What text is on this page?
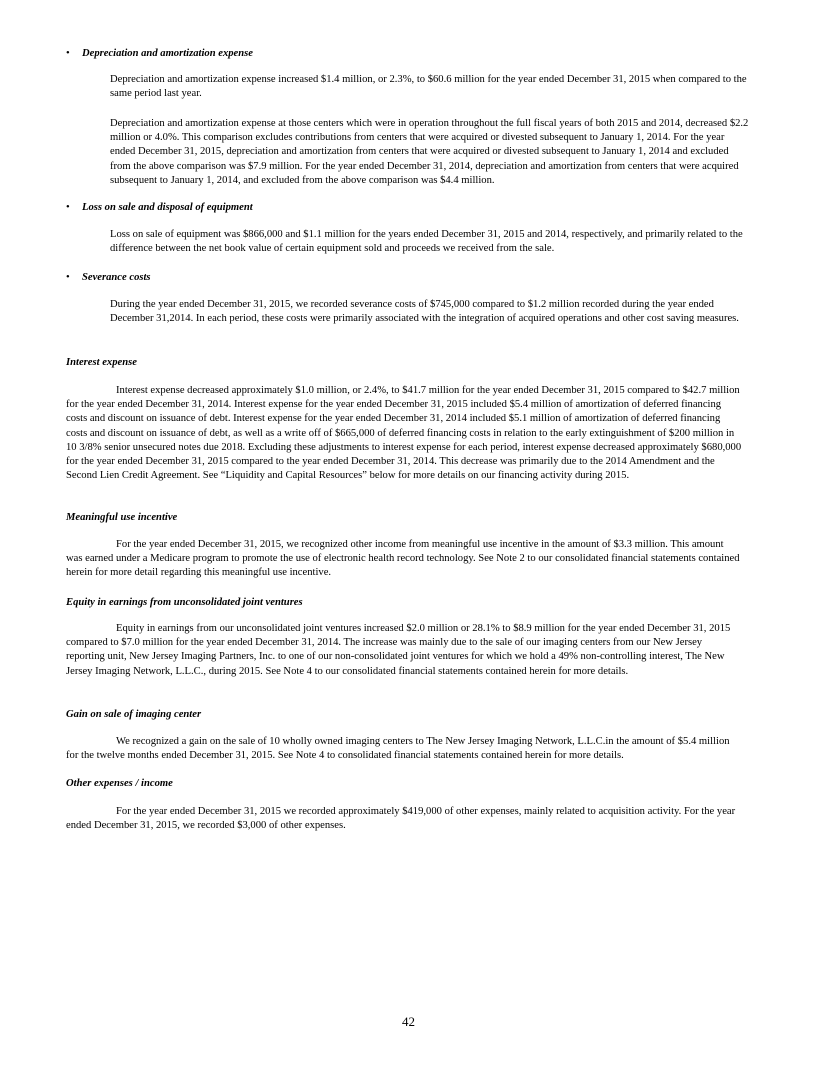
• Depreciation and amortization expense

Depreciation and amortization expense increased $1.4 million, or 2.3%, to $60.6 million for the year ended December 31, 2015 when compared to the same period last year.

Depreciation and amortization expense at those centers which were in operation throughout the full fiscal years of both 2015 and 2014, decreased $2.2 million or 4.0%. This comparison excludes contributions from centers that were acquired or divested subsequent to January 1, 2014. For the year ended December 31, 2015, depreciation and amortization from centers that were acquired or divested subsequent to January 1, 2014 and excluded from the above comparison was $7.9 million. For the year ended December 31, 2014, depreciation and amortization from centers that were acquired subsequent to January 1, 2014, and excluded from the above comparison was $4.4 million.

• Loss on sale and disposal of equipment

Loss on sale of equipment was $866,000 and $1.1 million for the years ended December 31, 2015 and 2014, respectively, and primarily related to the difference between the net book value of certain equipment sold and proceeds we received from the sale.

• Severance costs

During the year ended December 31, 2015, we recorded severance costs of $745,000 compared to $1.2 million recorded during the year ended December 31,2014. In each period, these costs were primarily associated with the integration of acquired operations and other cost saving measures.

Interest expense

Interest expense decreased approximately $1.0 million, or 2.4%, to $41.7 million for the year ended December 31, 2015 compared to $42.7 million for the year ended December 31, 2014. Interest expense for the year ended December 31, 2015 included $5.4 million of amortization of deferred financing costs and discount on issuance of debt. Interest expense for the year ended December 31, 2014 included $5.1 million of amortization of deferred financing costs and discount on issuance of debt, as well as a write off of $665,000 of deferred financing costs in relation to the early extinguishment of $200 million in 10 3/8% senior unsecured notes due 2018. Excluding these adjustments to interest expense for each period, interest expense decreased approximately $680,000 for the year ended December 31, 2015 compared to the year ended December 31, 2014. This decrease was primarily due to the 2014 Amendment and the Second Lien Credit Agreement. See “Liquidity and Capital Resources” below for more details on our financing activity during 2015.

Meaningful use incentive

For the year ended December 31, 2015, we recognized other income from meaningful use incentive in the amount of $3.3 million. This amount was earned under a Medicare program to promote the use of electronic health record technology. See Note 2 to our consolidated financial statements contained herein for more detail regarding this meaningful use incentive.

Equity in earnings from unconsolidated joint ventures

Equity in earnings from our unconsolidated joint ventures increased $2.0 million or 28.1% to $8.9 million for the year ended December 31, 2015 compared to $7.0 million for the year ended December 31, 2014. The increase was mainly due to the sale of our imaging centers from our New Jersey reporting unit, New Jersey Imaging Partners, Inc. to one of our non-consolidated joint ventures for which we hold a 49% non-controlling interest, The New Jersey Imaging Network, L.L.C., during 2015. See Note 4 to our consolidated financial statements contained herein for more details.

Gain on sale of imaging center

We recognized a gain on the sale of 10 wholly owned imaging centers to The New Jersey Imaging Network, L.L.C.in the amount of $5.4 million for the twelve months ended December 31, 2015. See Note 4 to consolidated financial statements contained herein for more details.

Other expenses / income

For the year ended December 31, 2015 we recorded approximately $419,000 of other expenses, mainly related to acquisition activity. For the year ended December 31, 2015, we recorded $3,000 of other expenses.

42
